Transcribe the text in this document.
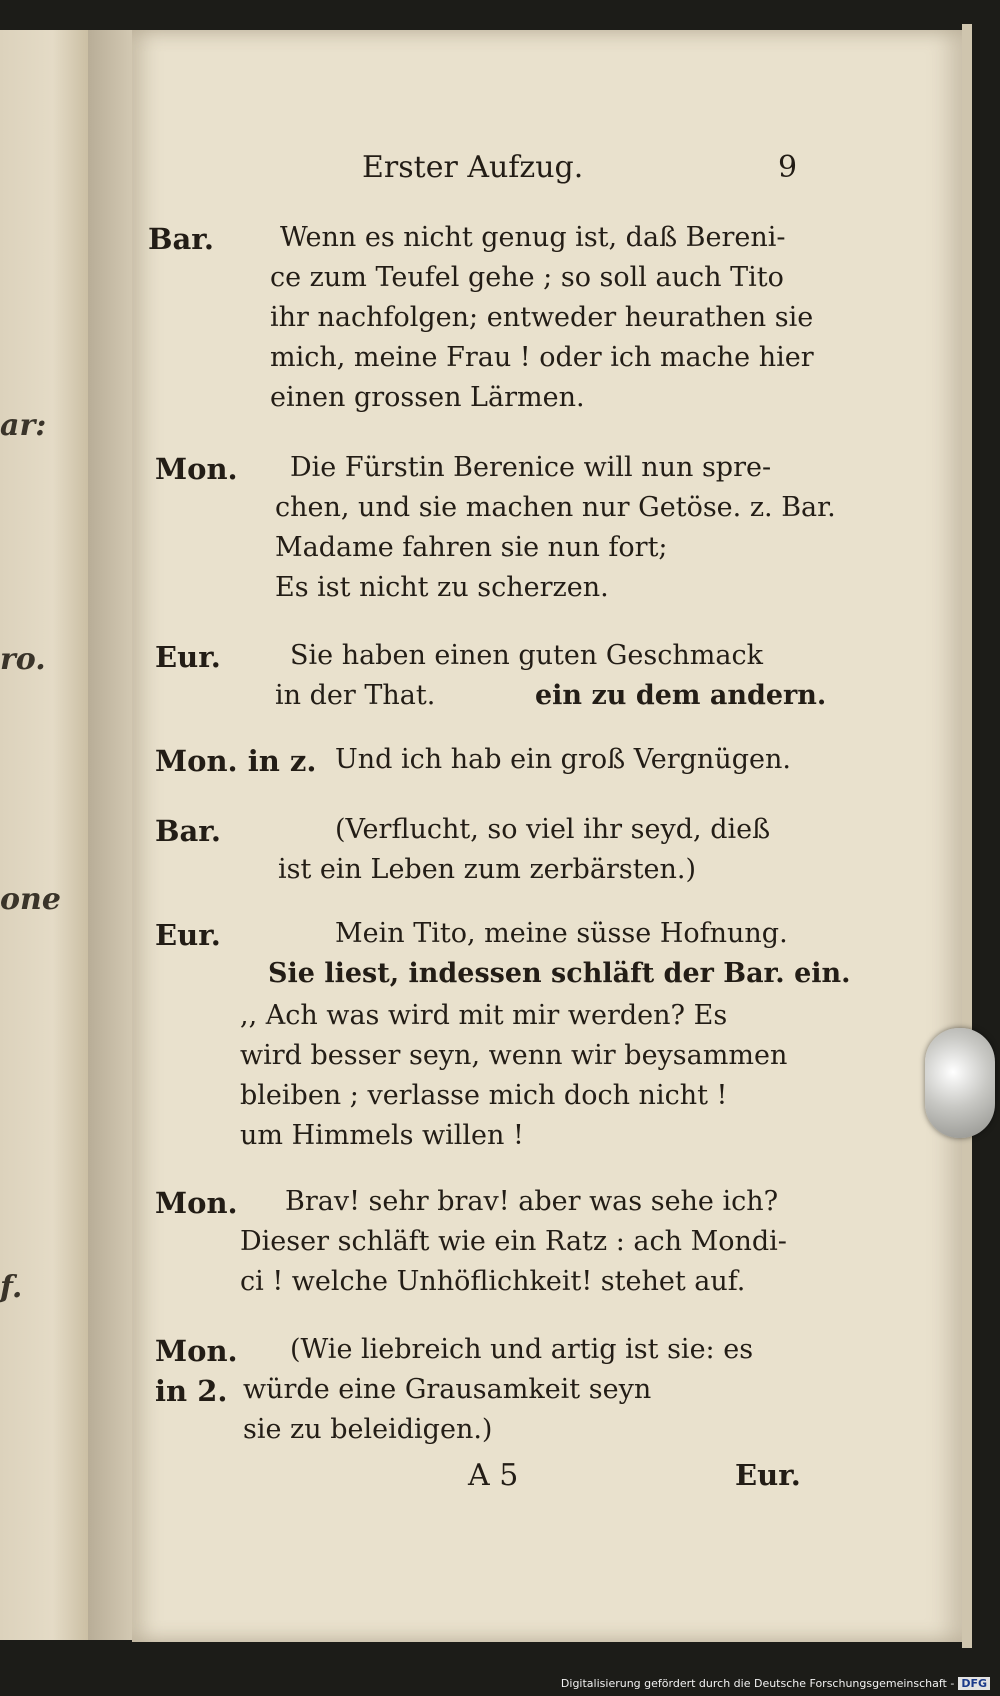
ar:
ro.
one
f.
Erster Aufzug.	9
Bar. Wenn es nicht genug ist, daß Bereni-
ce zum Teufel gehe ; so soll auch Tito
ihr nachfolgen; entweder heurathen sie
mich, meine Frau ! oder ich mache hier
einen grossen Lärmen.
Mon. Die Fürstin Berenice will nun spre-
chen, und sie machen nur Getöse. z. Bar.
Madame fahren sie nun fort;
Es ist nicht zu scherzen.
Eur.	Sie haben einen guten Geschmack
in der That.	ein zu dem andern.
Mon. in z. Und ich hab ein groß Vergnügen.
Bar.	(Verflucht, so viel ihr seyd, dieß
ist ein Leben zum zerbärsten.)
Eur.	Mein Tito, meine süsse Hofnung.
Sie liest, indessen schläft der Bar. ein.
,, Ach was wird mit mir werden? Es
wird besser seyn, wenn wir beysammen
bleiben ; verlasse mich doch nicht !
um Himmels willen !
Mon. Brav! sehr brav! aber was sehe ich?
Dieser schläft wie ein Ratz : ach Mondi-
ci ! welche Unhöflichkeit! stehet auf.
Mon.
in 2.
(Wie liebreich und artig ist sie: es
würde eine Grausamkeit seyn
sie zu beleidigen.)
A 5	Eur.
Digitalisierung gefördert durch die Deutsche Forschungsgemeinschaft - DFG
